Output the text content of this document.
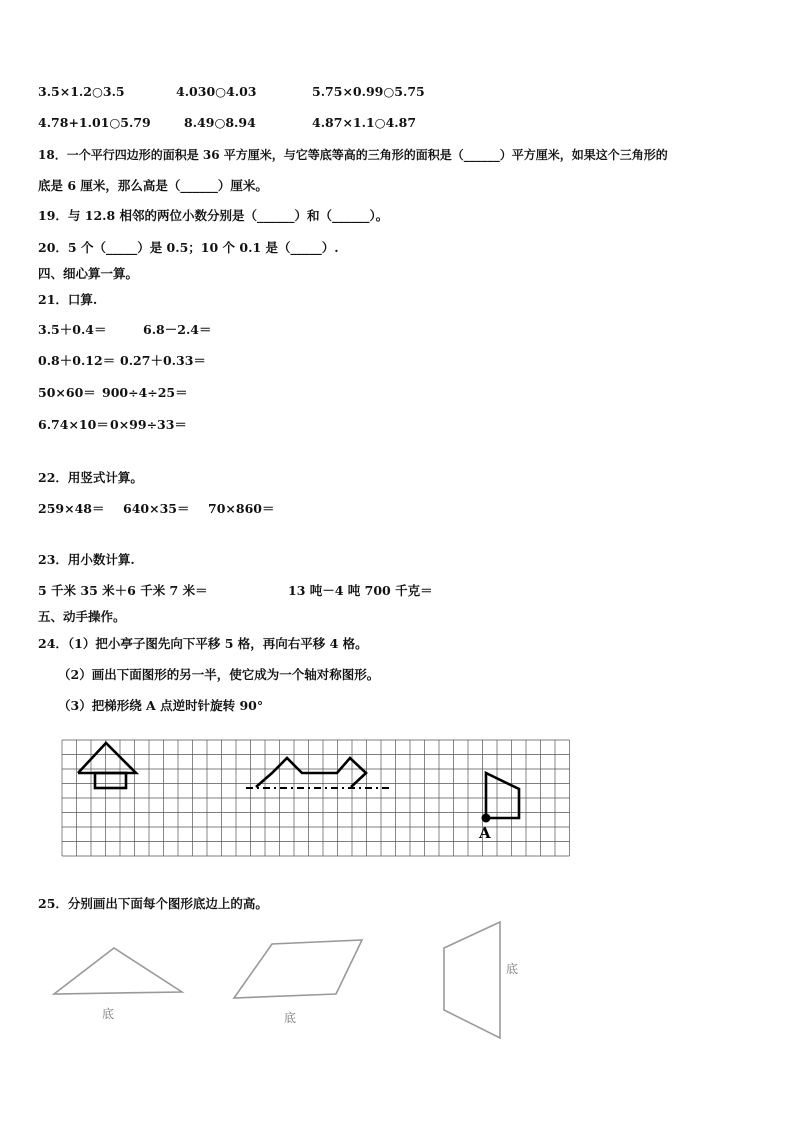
3.5×1.2○3.5	4.030○4.03	5.75×0.99○5.75
4.78+1.01○5.79	8.49○8.94	4.87×1.1○4.87
18．一个平行四边形的面积是 36 平方厘米，与它等底等高的三角形的面积是（______）平方厘米，如果这个三角形的
底是 6 厘米，那么高是（______）厘米。
19．与 12.8 相邻的两位小数分别是（______）和（______）。
20．5 个（_____）是 0.5；10 个 0.1 是（_____）.
四、细心算一算。
21．口算.
3.5＋0.4＝	6.8－2.4＝
0.8＋0.12＝ 0.27＋0.33＝
50×60＝ 900÷4÷25＝
6.74×10＝ 0×99÷33＝
22．用竖式计算。
259×48＝ 640×35＝ 70×860＝
23．用小数计算.
5 千米 35 米＋6 千米 7 米＝	13 吨－4 吨 700 千克＝
五、动手操作。
24．（1）把小亭子图先向下平移 5 格，再向右平移 4 格。
（2）画出下面图形的另一半，使它成为一个轴对称图形。
（3）把梯形绕 A 点逆时针旋转 90°
A
25．分别画出下面每个图形底边上的高。
底	底
底
